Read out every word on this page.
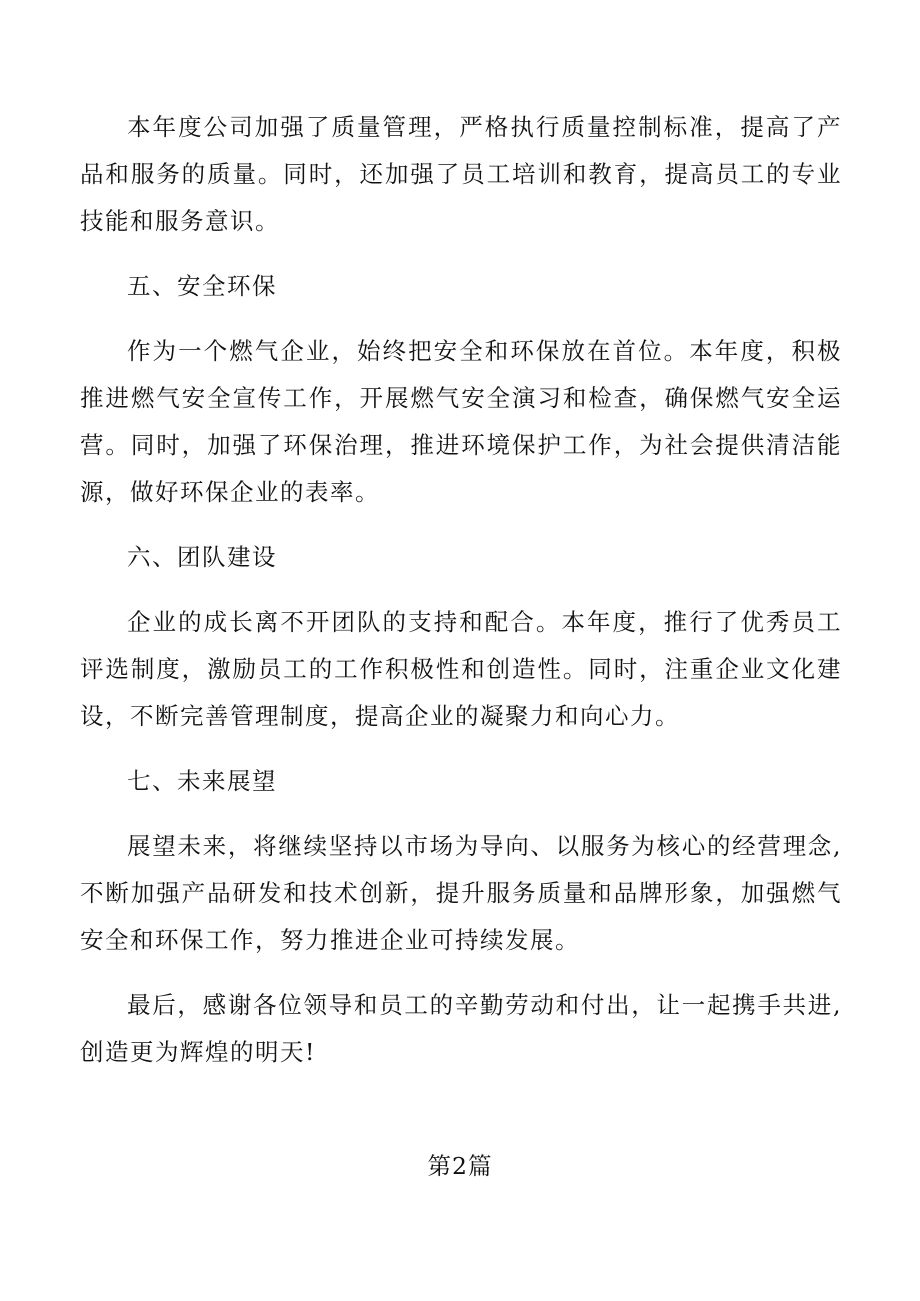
本年度公司加强了质量管理，严格执行质量控制标准，提高了产品和服务的质量。同时，还加强了员工培训和教育，提高员工的专业技能和服务意识。

五、安全环保

作为一个燃气企业，始终把安全和环保放在首位。本年度，积极推进燃气安全宣传工作，开展燃气安全演习和检查，确保燃气安全运营。同时，加强了环保治理，推进环境保护工作，为社会提供清洁能源，做好环保企业的表率。

六、团队建设

企业的成长离不开团队的支持和配合。本年度，推行了优秀员工评选制度，激励员工的工作积极性和创造性。同时，注重企业文化建设，不断完善管理制度，提高企业的凝聚力和向心力。

七、未来展望

展望未来，将继续坚持以市场为导向、以服务为核心的经营理念,不断加强产品研发和技术创新，提升服务质量和品牌形象，加强燃气安全和环保工作，努力推进企业可持续发展。

最后，感谢各位领导和员工的辛勤劳动和付出，让一起携手共进,创造更为辉煌的明天!

第2篇
